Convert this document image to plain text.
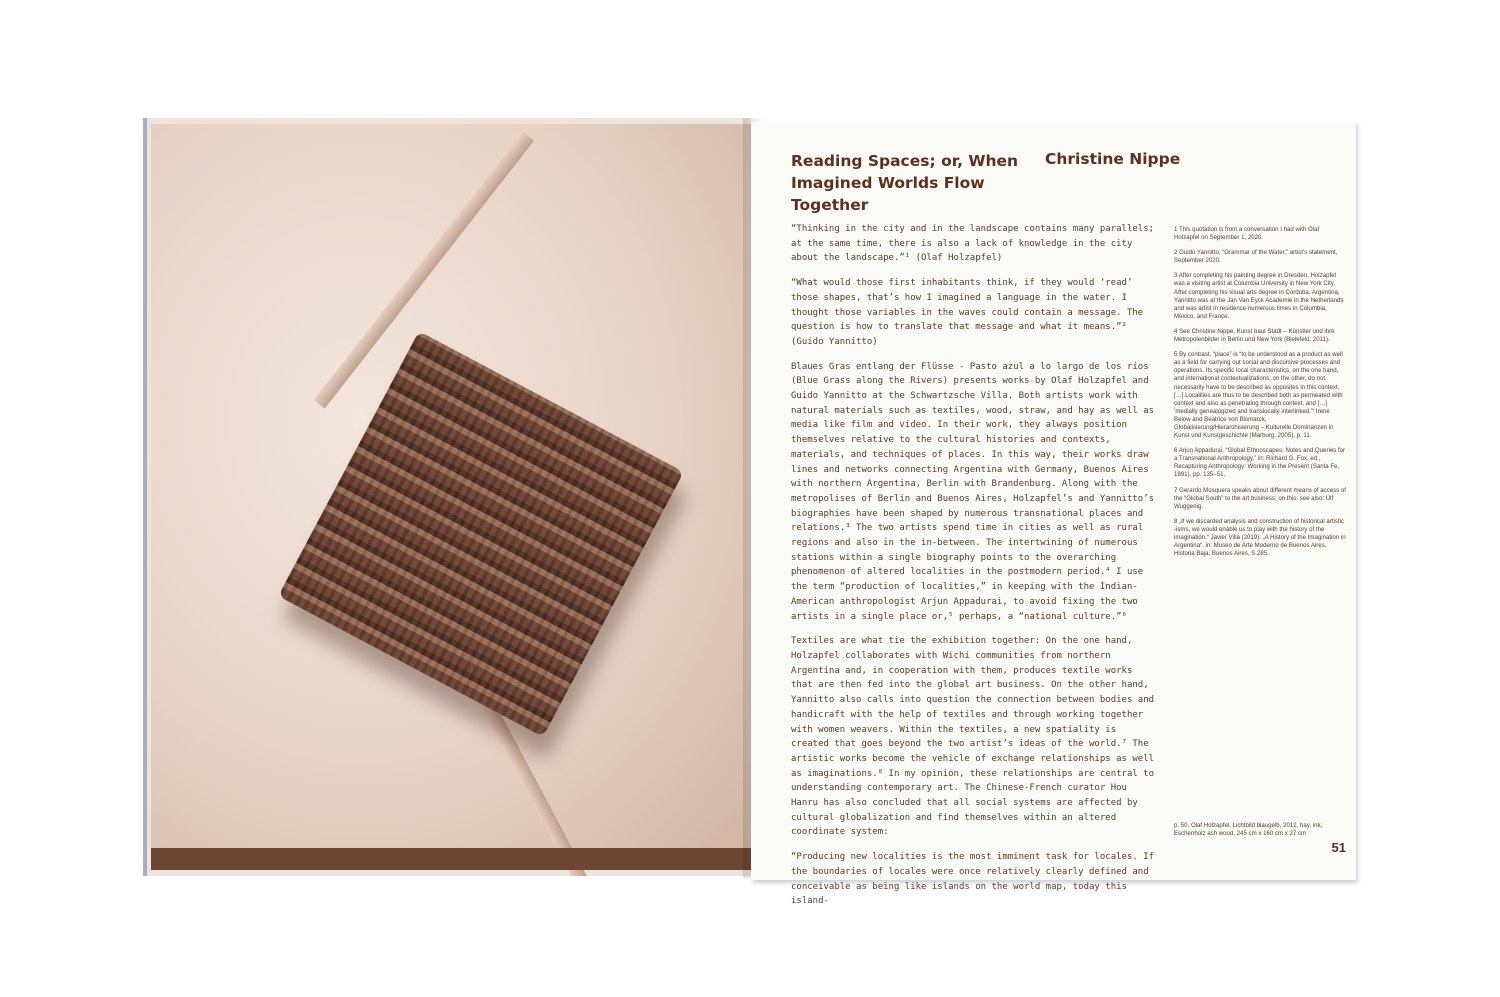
Reading Spaces; or, When Imagined Worlds Flow Together
Christine Nippe

“Thinking in the city and in the landscape contains many parallels; at the same time, there is also a lack of knowledge in the city about the landscape.”¹ (Olaf Holzapfel)

“What would those first inhabitants think, if they would ‘read’ those shapes, that’s how I imagined a language in the water. I thought those variables in the waves could contain a message. The question is how to translate that message and what it means.”² (Guido Yannitto)

Blaues Gras entlang der Flüsse - Pasto azul a lo largo de los ríos (Blue Grass along the Rivers) presents works by Olaf Holzapfel and Guido Yannitto at the Schwartzsche Villa. Both artists work with natural materials such as textiles, wood, straw, and hay as well as media like film and video. In their work, they always position themselves relative to the cultural histories and contexts, materials, and techniques of places. In this way, their works draw lines and networks connecting Argentina with Germany, Buenos Aires with northern Argentina, Berlin with Brandenburg. Along with the metropolises of Berlin and Buenos Aires, Holzapfel’s and Yannitto’s biographies have been shaped by numerous transnational places and relations.³ The two artists spend time in cities as well as rural regions and also in the in-between. The intertwining of numerous stations within a single biography points to the overarching phenomenon of altered localities in the postmodern period.⁴ I use the term “production of localities,” in keeping with the Indian-American anthropologist Arjun Appadurai, to avoid fixing the two artists in a single place or,⁵ perhaps, a “national culture.”⁶

Textiles are what tie the exhibition together: On the one hand, Holzapfel collaborates with Wichí communities from northern Argentina and, in cooperation with them, produces textile works that are then fed into the global art business. On the other hand, Yannitto also calls into question the connection between bodies and handicraft with the help of textiles and through working together with women weavers. Within the textiles, a new spatiality is created that goes beyond the two artist’s ideas of the world.⁷ The artistic works become the vehicle of exchange relationships as well as imaginations.⁸ In my opinion, these relationships are central to understanding contemporary art. The Chinese-French curator Hou Hanru has also concluded that all social systems are affected by cultural globalization and find themselves within an altered coordinate system:

“Producing new localities is the most imminent task for locales. If the boundaries of locales were once relatively clearly defined and conceivable as being like islands on the world map, today this island-

1 This quotation is from a conversation I had with Olaf Holzapfel on September 1, 2020.

2 Guido Yannitto, “Grammar of the Water,” artist’s statement, September 2020.

3 After completing his painting degree in Dresden, Holzapfel was a visiting artist at Columbia University in New York City. After completing his visual arts degree in Cordoba, Argentina, Yannitto was at the Jan Van Eyck Academie in the Netherlands and was artist in residence numerous times in Columbia, Mexico, and France.

4 See Christine Nippe, Kunst baut Stadt – Künstler und ihre Metropolenbilder in Berlin und New York (Bielefeld, 2011).

5 By contrast, “place” is “to be understood as a product as well as a field for carrying out social and discursive processes and operations. Its specific local characteristics, on the one hand, and international contextualizations, on the other, do not necessarily have to be described as opposites in this context. […] Localities are thus to be described both as permeated with context and also as penetrating through context, and […] ‘medially genealogized and translocally interlinked.’” Irene Below and Beatrice von Bismarck, Globalisierung/Hierarchisierung – Kulturelle Dominanzen in Kunst und Kunstgeschichte (Marburg, 2005), p. 11.

6 Arjun Appadurai, “Global Ethnoscapes: Notes and Queries for a Transnational Anthropology,” in: Richard G. Fox, ed., Recapturing Anthropology: Working in the Present (Santa Fe, 1991), pp. 135–51.

7 Gerardo Mosquera speaks about different means of access of the “Global South” to the art business; on this, see also: Ulf Wuggenig.

8 „If we discarded analysis and construction of historical artistic -isms, we would enable us to play with the history of the imagination.“ Javier Villa (2019): „A History of the Imagination in Argentina“, in: Museo de Arte Moderno de Buenos Aires, Historia Baja, Buenos Aires, S.285.

p. 50, Olaf Holzapfel, Lichtbild blaugelb, 2012, hay, ink, Eschenholz ash wood, 245 cm x 160 cm x 27 cm
51
